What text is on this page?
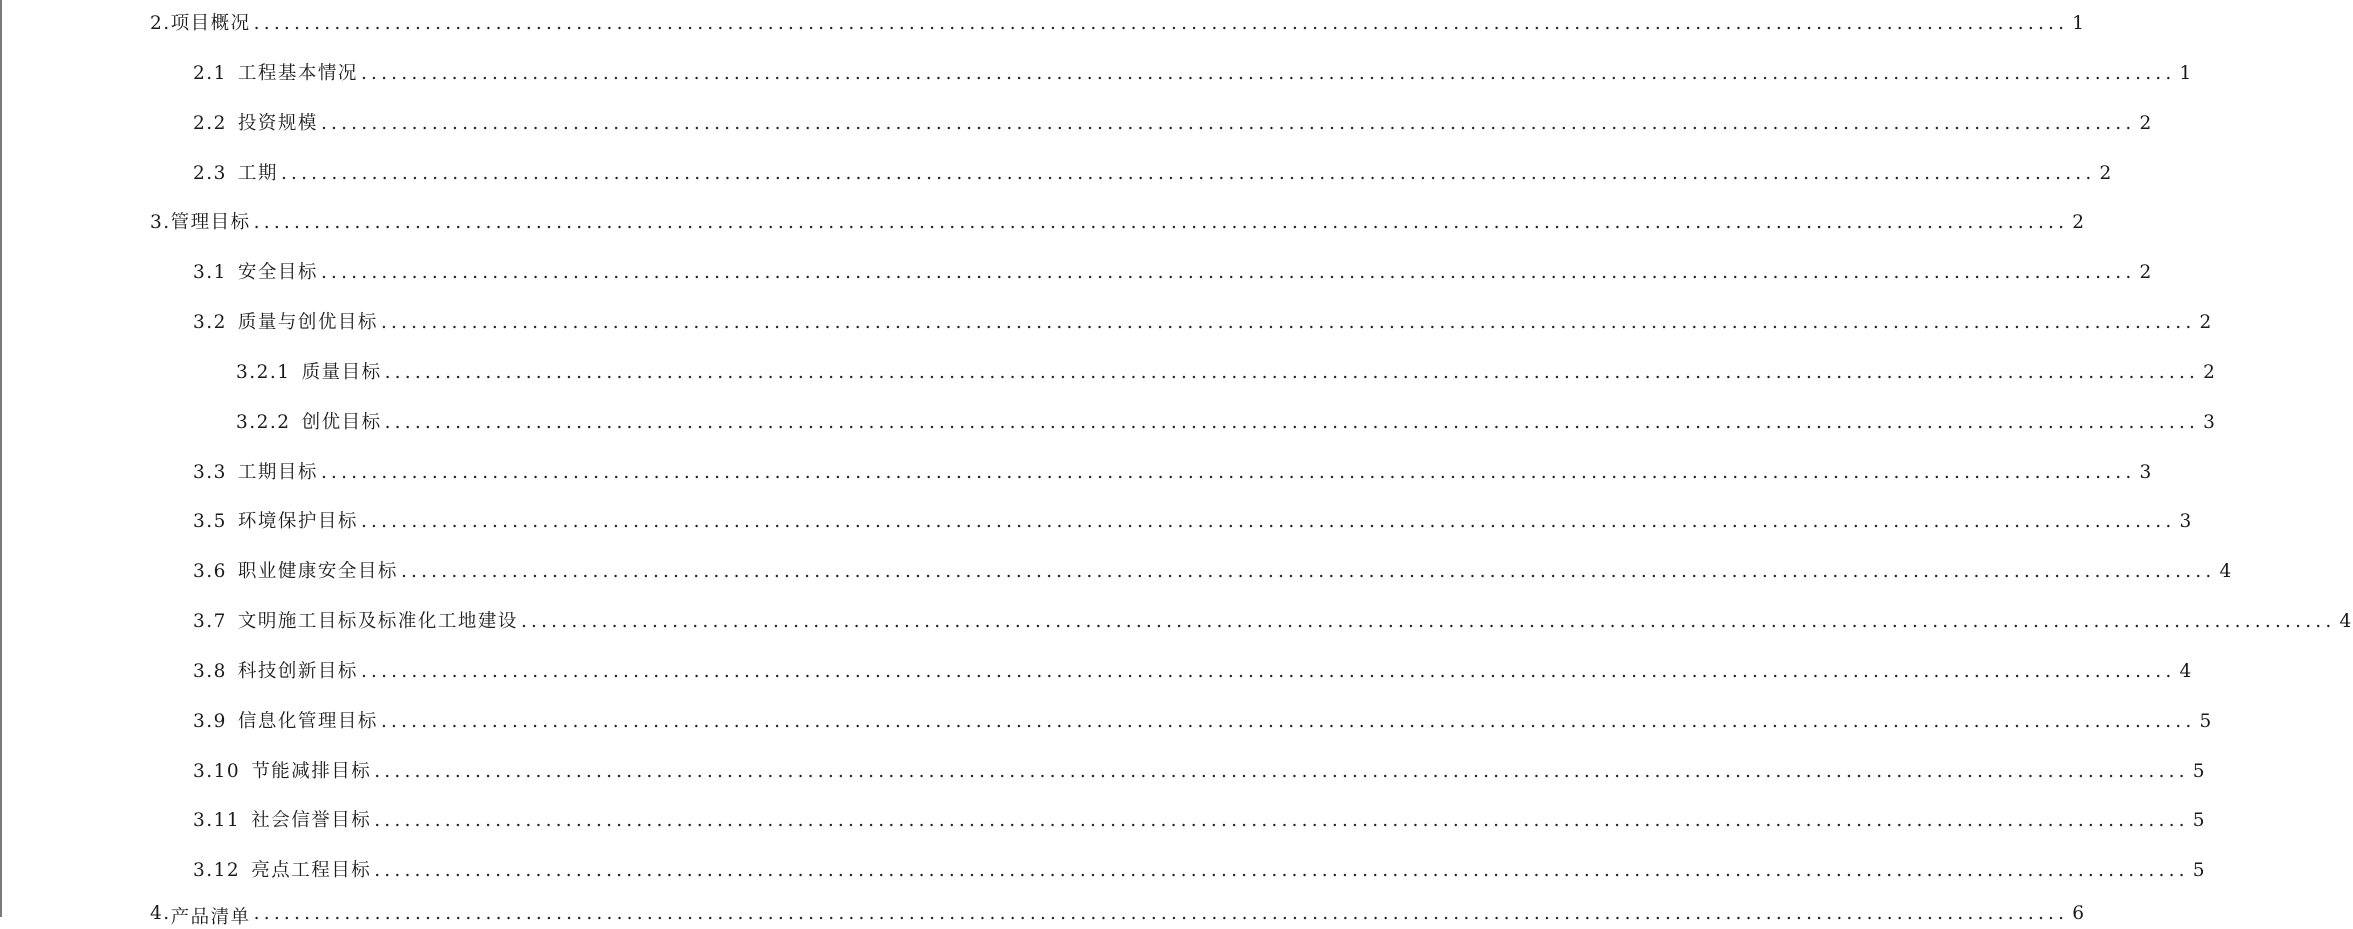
2. 项目概况 .....	1
2.1 工程基本情况 .....	1
2.2 投资规模 .....	2
2.3 工期 .....	2
3. 管理目标 .....	2
3.1 安全目标 .....	2
3.2 质量与创优目标 .....	2
3.2.1 质量目标 .....	2
3.2.2 创优目标 .....	3
3.3 工期目标 .....	3
3.5 环境保护目标 .....	3
3.6 职业健康安全目标 .....	4
3.7 文明施工目标及标准化工地建设 .....	4
3.8 科技创新目标 .....	4
3.9 信息化管理目标 .....	5
3.10 节能减排目标 .....	5
3.11 社会信誉目标 .....	5
3.12 亮点工程目标 .....	5
4. 产品清单 .....	6
